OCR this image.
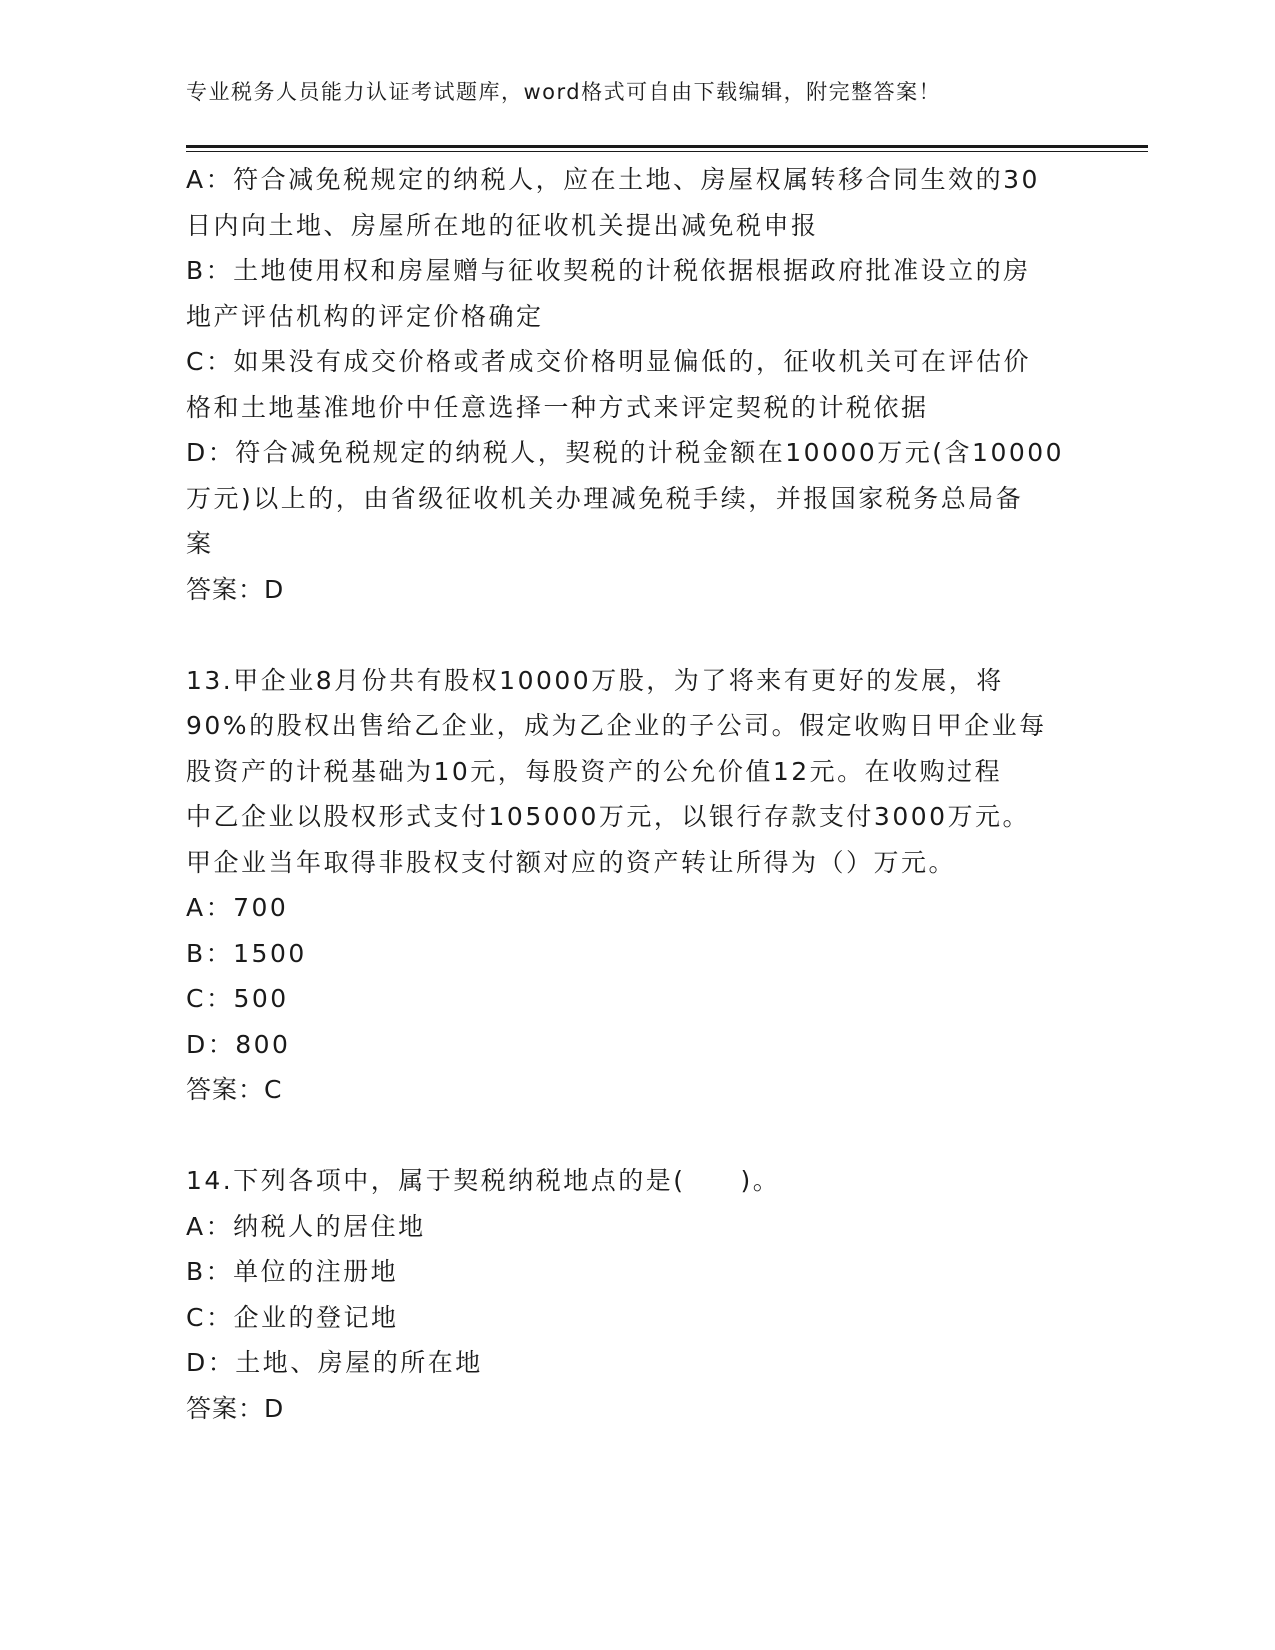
专业税务人员能力认证考试题库，word格式可自由下载编辑，附完整答案！
A：符合减免税规定的纳税人，应在土地、房屋权属转移合同生效的30
日内向土地、房屋所在地的征收机关提出减免税申报
B：土地使用权和房屋赠与征收契税的计税依据根据政府批准设立的房
地产评估机构的评定价格确定
C：如果没有成交价格或者成交价格明显偏低的，征收机关可在评估价
格和土地基准地价中任意选择一种方式来评定契税的计税依据
D：符合减免税规定的纳税人，契税的计税金额在10000万元(含10000
万元)以上的，由省级征收机关办理减免税手续，并报国家税务总局备
案
答案：D
13.甲企业8月份共有股权10000万股，为了将来有更好的发展，将
90%的股权出售给乙企业，成为乙企业的子公司。假定收购日甲企业每
股资产的计税基础为10元，每股资产的公允价值12元。在收购过程
中乙企业以股权形式支付105000万元，以银行存款支付3000万元。
甲企业当年取得非股权支付额对应的资产转让所得为（）万元。
A：700
B：1500
C：500
D：800
答案：C
14.下列各项中，属于契税纳税地点的是(　　)。
A：纳税人的居住地
B：单位的注册地
C：企业的登记地
D：土地、房屋的所在地
答案：D
